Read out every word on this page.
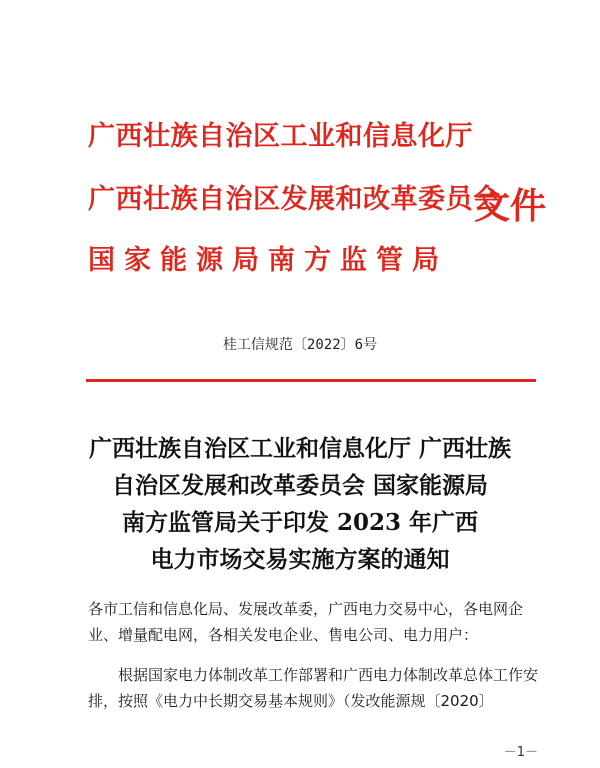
广西壮族自治区工业和信息化厅
广西壮族自治区发展和改革委员会
国家能源局南方监管局
文件
桂工信规范〔2022〕6号
广西壮族自治区工业和信息化厅 广西壮族
自治区发展和改革委员会 国家能源局
南方监管局关于印发 2023 年广西
电力市场交易实施方案的通知
各市工信和信息化局、发展改革委，广西电力交易中心，各电网企业、增量配电网，各相关发电企业、售电公司、电力用户：
根据国家电力体制改革工作部署和广西电力体制改革总体工作安排，按照《电力中长期交易基本规则》（发改能源规〔2020〕
－1－
